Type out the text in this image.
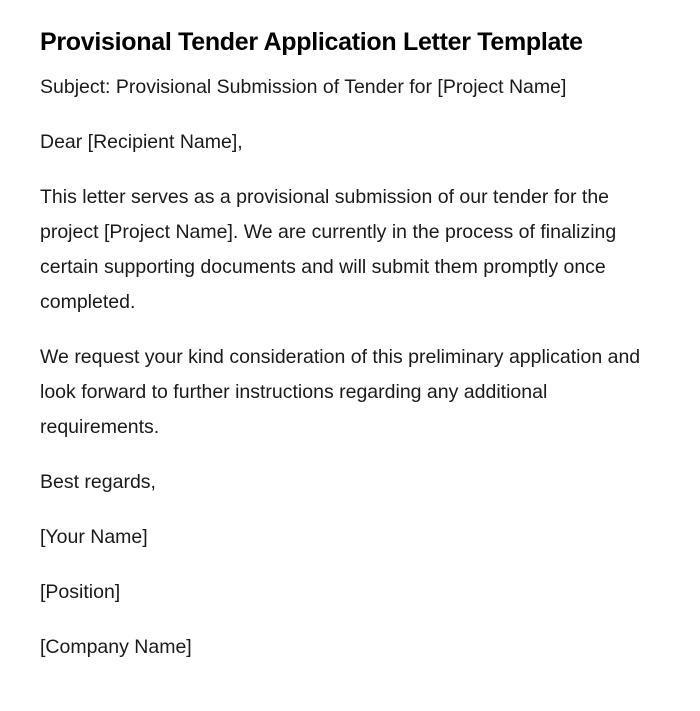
Provisional Tender Application Letter Template

Subject: Provisional Submission of Tender for [Project Name]

Dear [Recipient Name],

This letter serves as a provisional submission of our tender for the project [Project Name]. We are currently in the process of finalizing certain supporting documents and will submit them promptly once completed.

We request your kind consideration of this preliminary application and look forward to further instructions regarding any additional requirements.

Best regards,

[Your Name]

[Position]

[Company Name]
